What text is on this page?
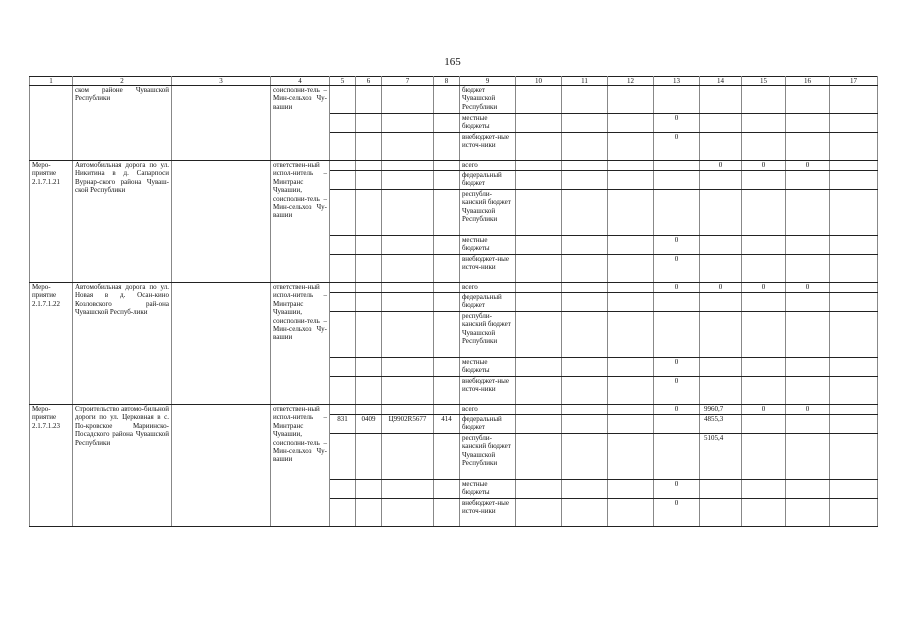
165
1	2	3	4	5	6	7	8	9	10	11	12	13	14	15	16	17
	ском районе Чувашской Республики		соисполни-тель – Мин-сельхоз Чу-вашии					бюджет Чувашской Республики								
								местные бюджеты				0				
								внебюджет-ные источ-ники				0				
Меро-приятие 2.1.7.1.21	Автомобильная дорога по ул. Никитина в д. Сапарпоси Вурнар-ского района Чуваш-ской Республики		ответствен-ный испол-нитель – Минтранс Чувашии, соисполни-тель – Мин-сельхоз Чу-вашии					всего					0	0	0	
								федеральный бюджет								
								республи-канский бюджет Чувашской Республики								
								местные бюджеты				0				
								внебюджет-ные источ-ники				0				
Меро-приятие 2.1.7.1.22	Автомобильная дорога по ул. Новая в д. Осан-кино Козловского рай-она Чувашской Респуб-лики		ответствен-ный испол-нитель – Минтранс Чувашии, соисполни-тель – Мин-сельхоз Чу-вашии					всего				0	0	0	0	
								федеральный бюджет								
								республи-канский бюджет Чувашской Республики								
								местные бюджеты				0				
								внебюджет-ные источ-ники				0				
Меро-приятие 2.1.7.1.23	Строительство автомо-бильной дороги по ул. Церковная в с. По-кровское Мариинско-Посадского района Чувашской Республики		ответствен-ный испол-нитель – Минтранс Чувашии, соисполни-тель – Мин-сельхоз Чу-вашии					всего				0	9960,7	0	0	
				831	0409	Ц9902R5677	414	федеральный бюджет					4855,3			
								республи-канский бюджет Чувашской Республики					5105,4			
								местные бюджеты				0				
								внебюджет-ные источ-ники				0				
